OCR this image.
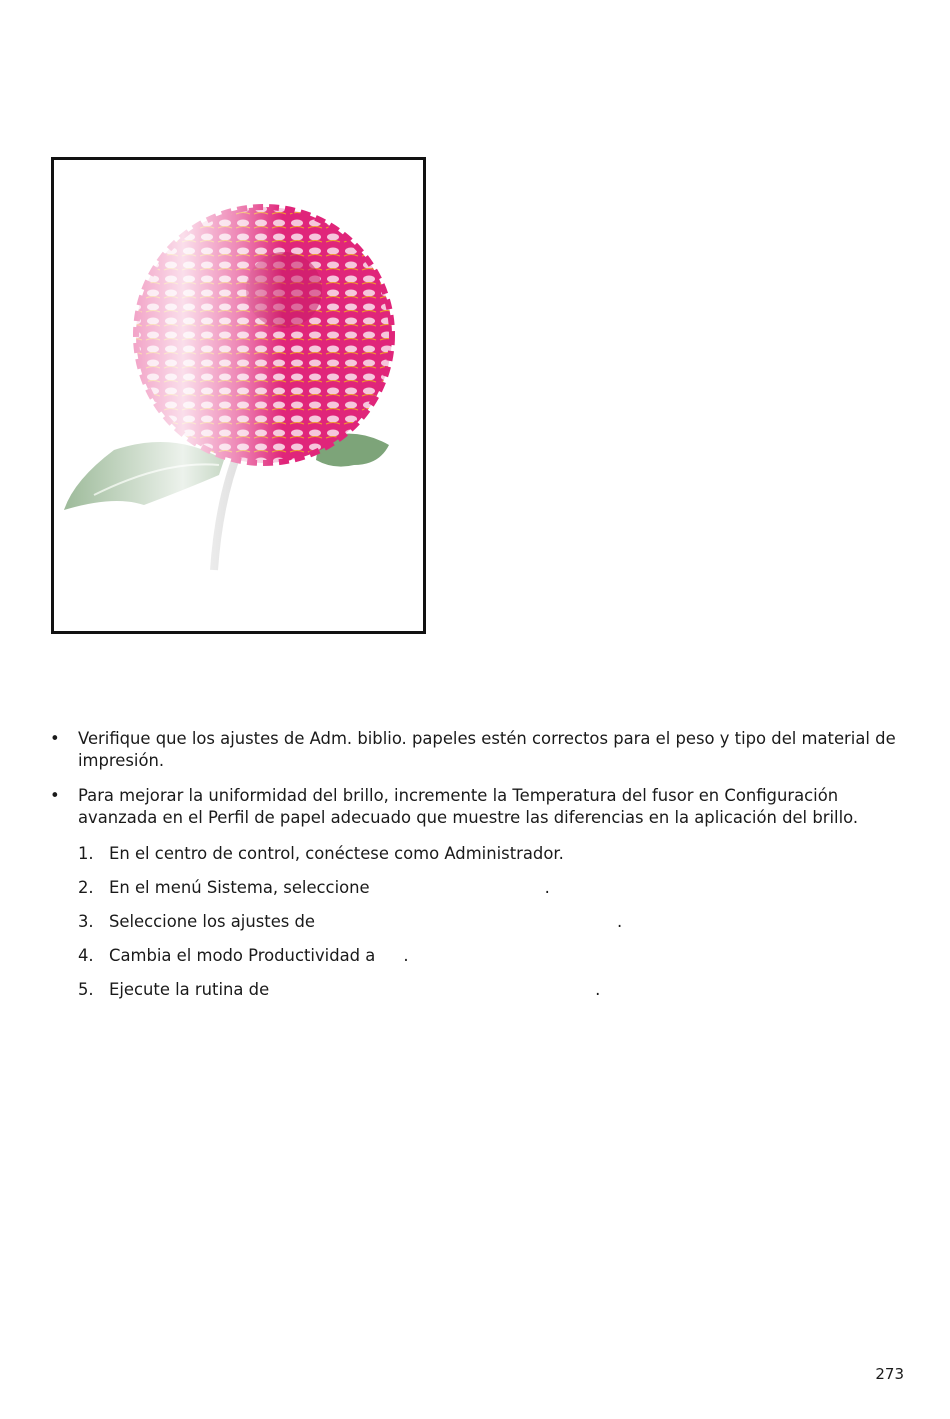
• Verifique que los ajustes de Adm. biblio. papeles estén correctos para el peso y tipo del material de impresión.
• Para mejorar la uniformidad del brillo, incremente la Temperatura del fusor en Configuración avanzada en el Perfil de papel adecuado que muestre las diferencias en la aplicación del brillo.
1. En el centro de control, conéctese como Administrador.
2. En el menú Sistema, seleccione	.
3. Seleccione los ajustes de	.
4. Cambia el modo Productividad a .
5. Ejecute la rutina de	.
273
